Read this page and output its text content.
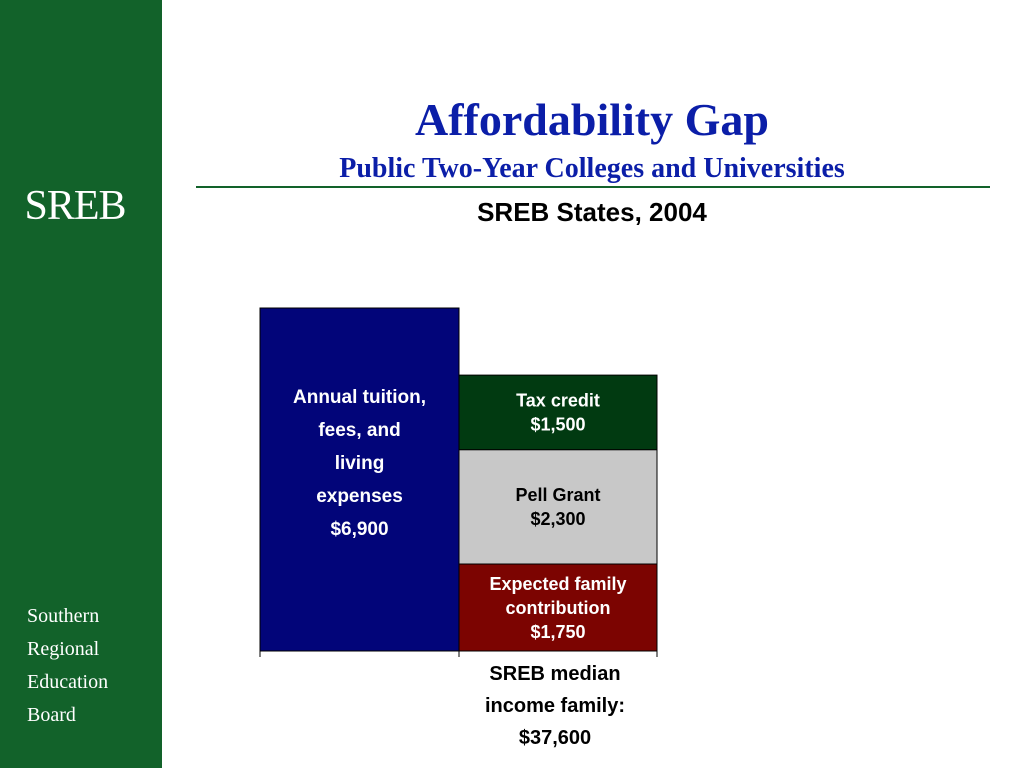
SREB
Southern
Regional
Education
Board
Affordability Gap
Public Two-Year Colleges and Universities
SREB States, 2004
Annual tuition,
fees, and
living
expenses
$6,900
Expected family
contribution
$1,750
Pell Grant
$2,300
Tax credit
$1,500
SREB median
income family:
$37,600
